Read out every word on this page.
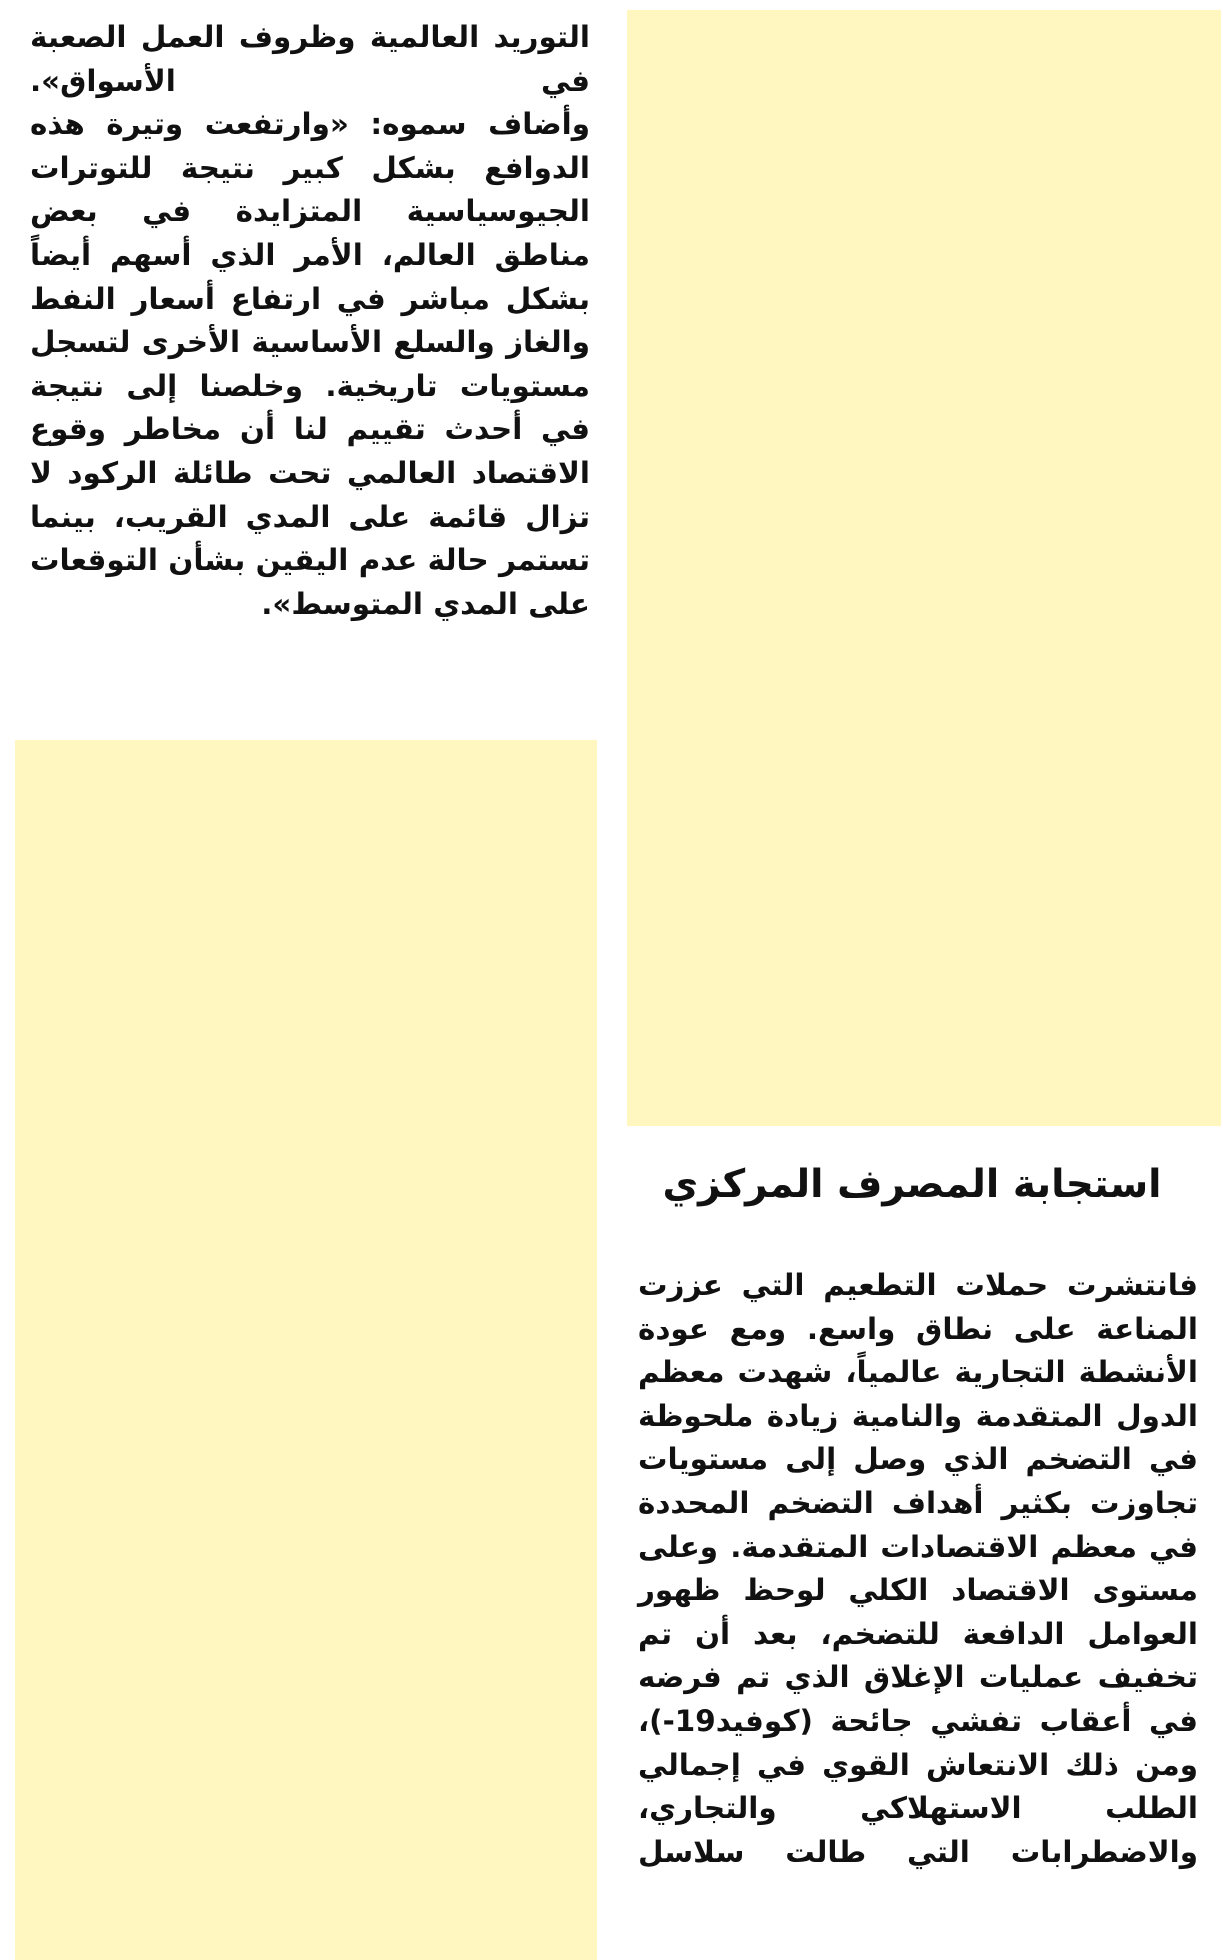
التوريد العالمية وظروف العمل الصعبة في الأسواق».

وأضاف سموه: «وارتفعت وتيرة هذه الدوافع بشكل كبير نتيجة للتوترات الجيوسياسية المتزايدة في بعض مناطق العالم، الأمر الذي أسهم أيضاً بشكل مباشر في ارتفاع أسعار النفط والغاز والسلع الأساسية الأخرى لتسجل مستويات تاريخية. وخلصنا إلى نتيجة في أحدث تقييم لنا أن مخاطر وقوع الاقتصاد العالمي تحت طائلة الركود لا تزال قائمة على المدي القريب، بينما تستمر حالة عدم اليقين بشأن التوقعات على المدي المتوسط».

استجابة المصرف المركزي

فانتشرت حملات التطعيم التي عززت المناعة على نطاق واسع. ومع عودة الأنشطة التجارية عالمياً، شهدت معظم الدول المتقدمة والنامية زيادة ملحوظة في التضخم الذي وصل إلى مستويات تجاوزت بكثير أهداف التضخم المحددة في معظم الاقتصادات المتقدمة. وعلى مستوى الاقتصاد الكلي لوحظ ظهور العوامل الدافعة للتضخم، بعد أن تم تخفيف عمليات الإغلاق الذي تم فرضه في أعقاب تفشي جائحة (كوفيد19-)، ومن ذلك الانتعاش القوي في إجمالي الطلب الاستهلاكي والتجاري، والاضطرابات التي طالت سلاسل
